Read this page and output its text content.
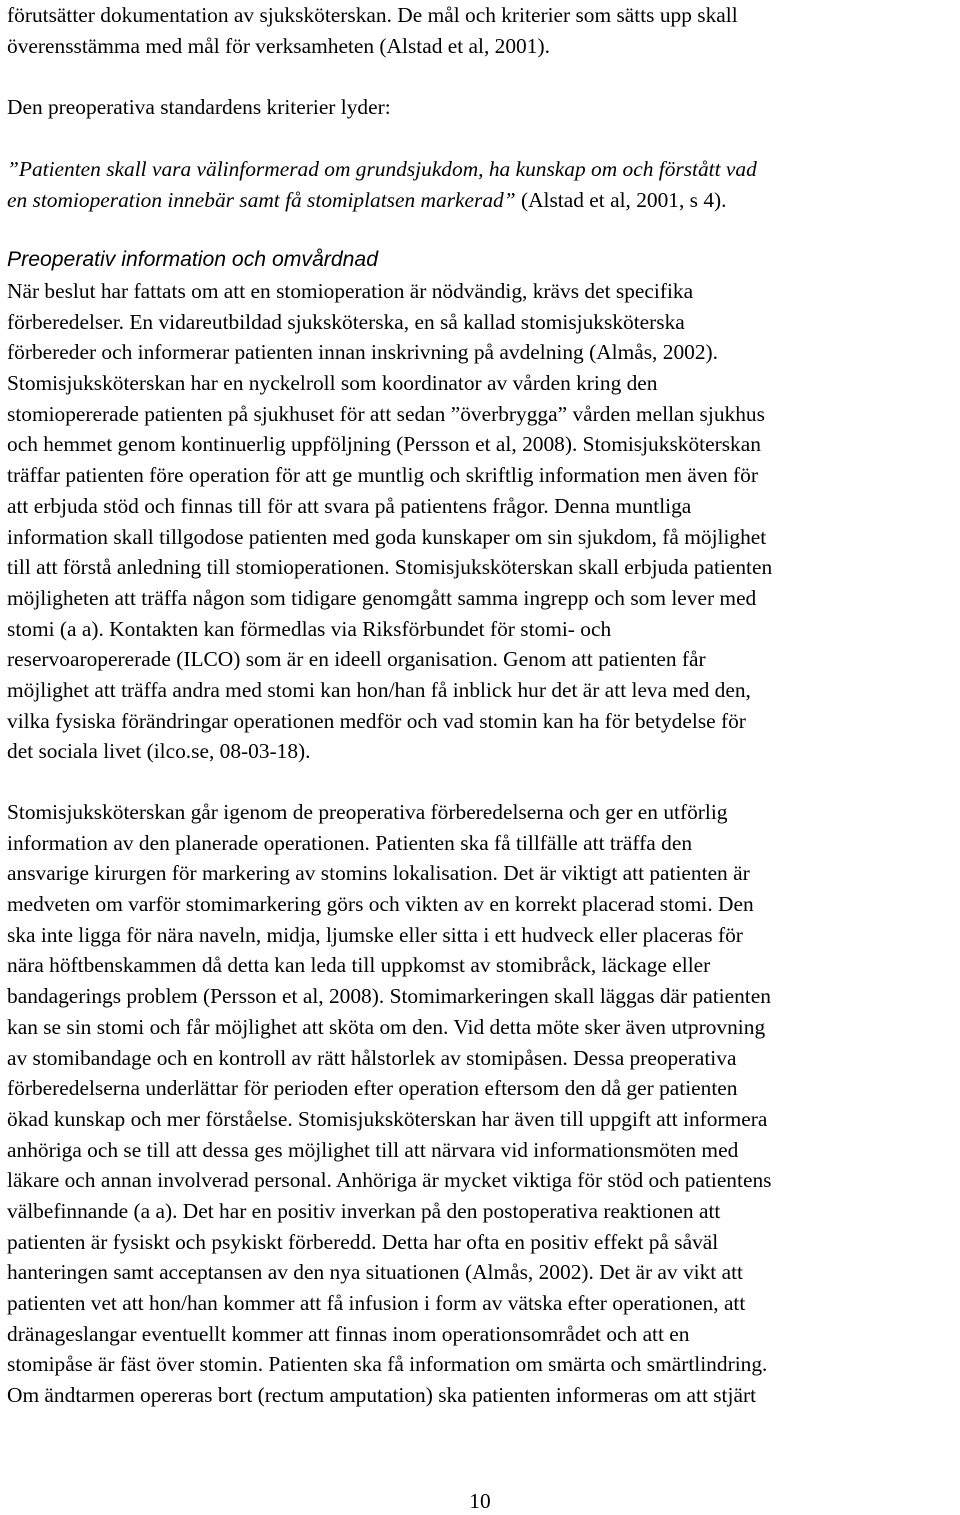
förutsätter dokumentation av sjuksköterskan. De mål och kriterier som sätts upp skall
överensstämma med mål för verksamheten (Alstad et al, 2001).
Den preoperativa standardens kriterier lyder:
”Patienten skall vara välinformerad om grundsjukdom, ha kunskap om och förstått vad
en stomioperation innebär samt få stomiplatsen markerad” (Alstad et al, 2001, s 4).
Preoperativ information och omvårdnad
När beslut har fattats om att en stomioperation är nödvändig, krävs det specifika
förberedelser. En vidareutbildad sjuksköterska, en så kallad stomisjuksköterska
förbereder och informerar patienten innan inskrivning på avdelning (Almås, 2002).
Stomisjuksköterskan har en nyckelroll som koordinator av vården kring den
stomiopererade patienten på sjukhuset för att sedan ”överbrygga” vården mellan sjukhus
och hemmet genom kontinuerlig uppföljning (Persson et al, 2008). Stomisjuksköterskan
träffar patienten före operation för att ge muntlig och skriftlig information men även för
att erbjuda stöd och finnas till för att svara på patientens frågor. Denna muntliga
information skall tillgodose patienten med goda kunskaper om sin sjukdom, få möjlighet
till att förstå anledning till stomioperationen. Stomisjuksköterskan skall erbjuda patienten
möjligheten att träffa någon som tidigare genomgått samma ingrepp och som lever med
stomi (a a). Kontakten kan förmedlas via Riksförbundet för stomi- och
reservoaropererade (ILCO) som är en ideell organisation. Genom att patienten får
möjlighet att träffa andra med stomi kan hon/han få inblick hur det är att leva med den,
vilka fysiska förändringar operationen medför och vad stomin kan ha för betydelse för
det sociala livet (ilco.se, 08-03-18).
Stomisjuksköterskan går igenom de preoperativa förberedelserna och ger en utförlig
information av den planerade operationen. Patienten ska få tillfälle att träffa den
ansvarige kirurgen för markering av stomins lokalisation. Det är viktigt att patienten är
medveten om varför stomimarkering görs och vikten av en korrekt placerad stomi. Den
ska inte ligga för nära naveln, midja, ljumske eller sitta i ett hudveck eller placeras för
nära höftbenskammen då detta kan leda till uppkomst av stomibråck, läckage eller
bandagerings problem (Persson et al, 2008). Stomimarkeringen skall läggas där patienten
kan se sin stomi och får möjlighet att sköta om den. Vid detta möte sker även utprovning
av stomibandage och en kontroll av rätt hålstorlek av stomipåsen. Dessa preoperativa
förberedelserna underlättar för perioden efter operation eftersom den då ger patienten
ökad kunskap och mer förståelse. Stomisjuksköterskan har även till uppgift att informera
anhöriga och se till att dessa ges möjlighet till att närvara vid informationsmöten med
läkare och annan involverad personal. Anhöriga är mycket viktiga för stöd och patientens
välbefinnande (a a). Det har en positiv inverkan på den postoperativa reaktionen att
patienten är fysiskt och psykiskt förberedd. Detta har ofta en positiv effekt på såväl
hanteringen samt acceptansen av den nya situationen (Almås, 2002). Det är av vikt att
patienten vet att hon/han kommer att få infusion i form av vätska efter operationen, att
dränageslangar eventuellt kommer att finnas inom operationsområdet och att en
stomipåse är fäst över stomin. Patienten ska få information om smärta och smärtlindring.
Om ändtarmen opereras bort (rectum amputation) ska patienten informeras om att stjärt
10
